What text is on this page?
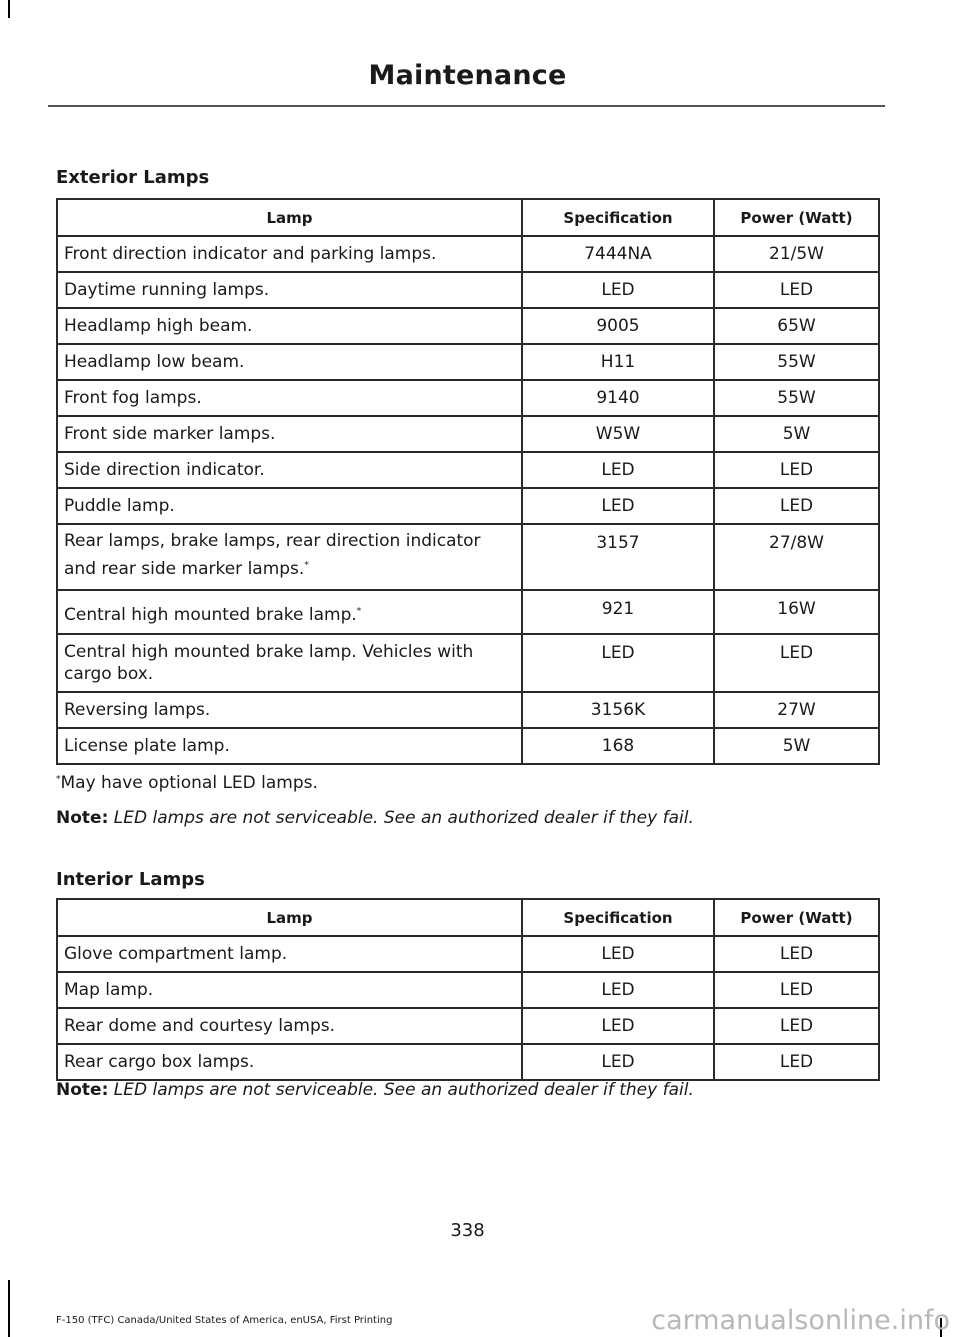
Maintenance
Exterior Lamps
Lamp	Specification	Power (Watt)
Front direction indicator and parking lamps.	7444NA	21/5W
Daytime running lamps.	LED	LED
Headlamp high beam.	9005	65W
Headlamp low beam.	H11	55W
Front fog lamps.	9140	55W
Front side marker lamps.	W5W	5W
Side direction indicator.	LED	LED
Puddle lamp.	LED	LED
Rear lamps, brake lamps, rear direction indicator
and rear side marker lamps.*	3157	27/8W
Central high mounted brake lamp.*	921	16W
Central high mounted brake lamp. Vehicles with
cargo box.	LED	LED
Reversing lamps.	3156K	27W
License plate lamp.	168	5W
*May have optional LED lamps.
Note: LED lamps are not serviceable. See an authorized dealer if they fail.
Interior Lamps
Lamp	Specification	Power (Watt)
Glove compartment lamp.	LED	LED
Map lamp.	LED	LED
Rear dome and courtesy lamps.	LED	LED
Rear cargo box lamps.	LED	LED
Note: LED lamps are not serviceable. See an authorized dealer if they fail.
338
F-150 (TFC) Canada/United States of America, enUSA, First Printing	carmanualsonline.info
